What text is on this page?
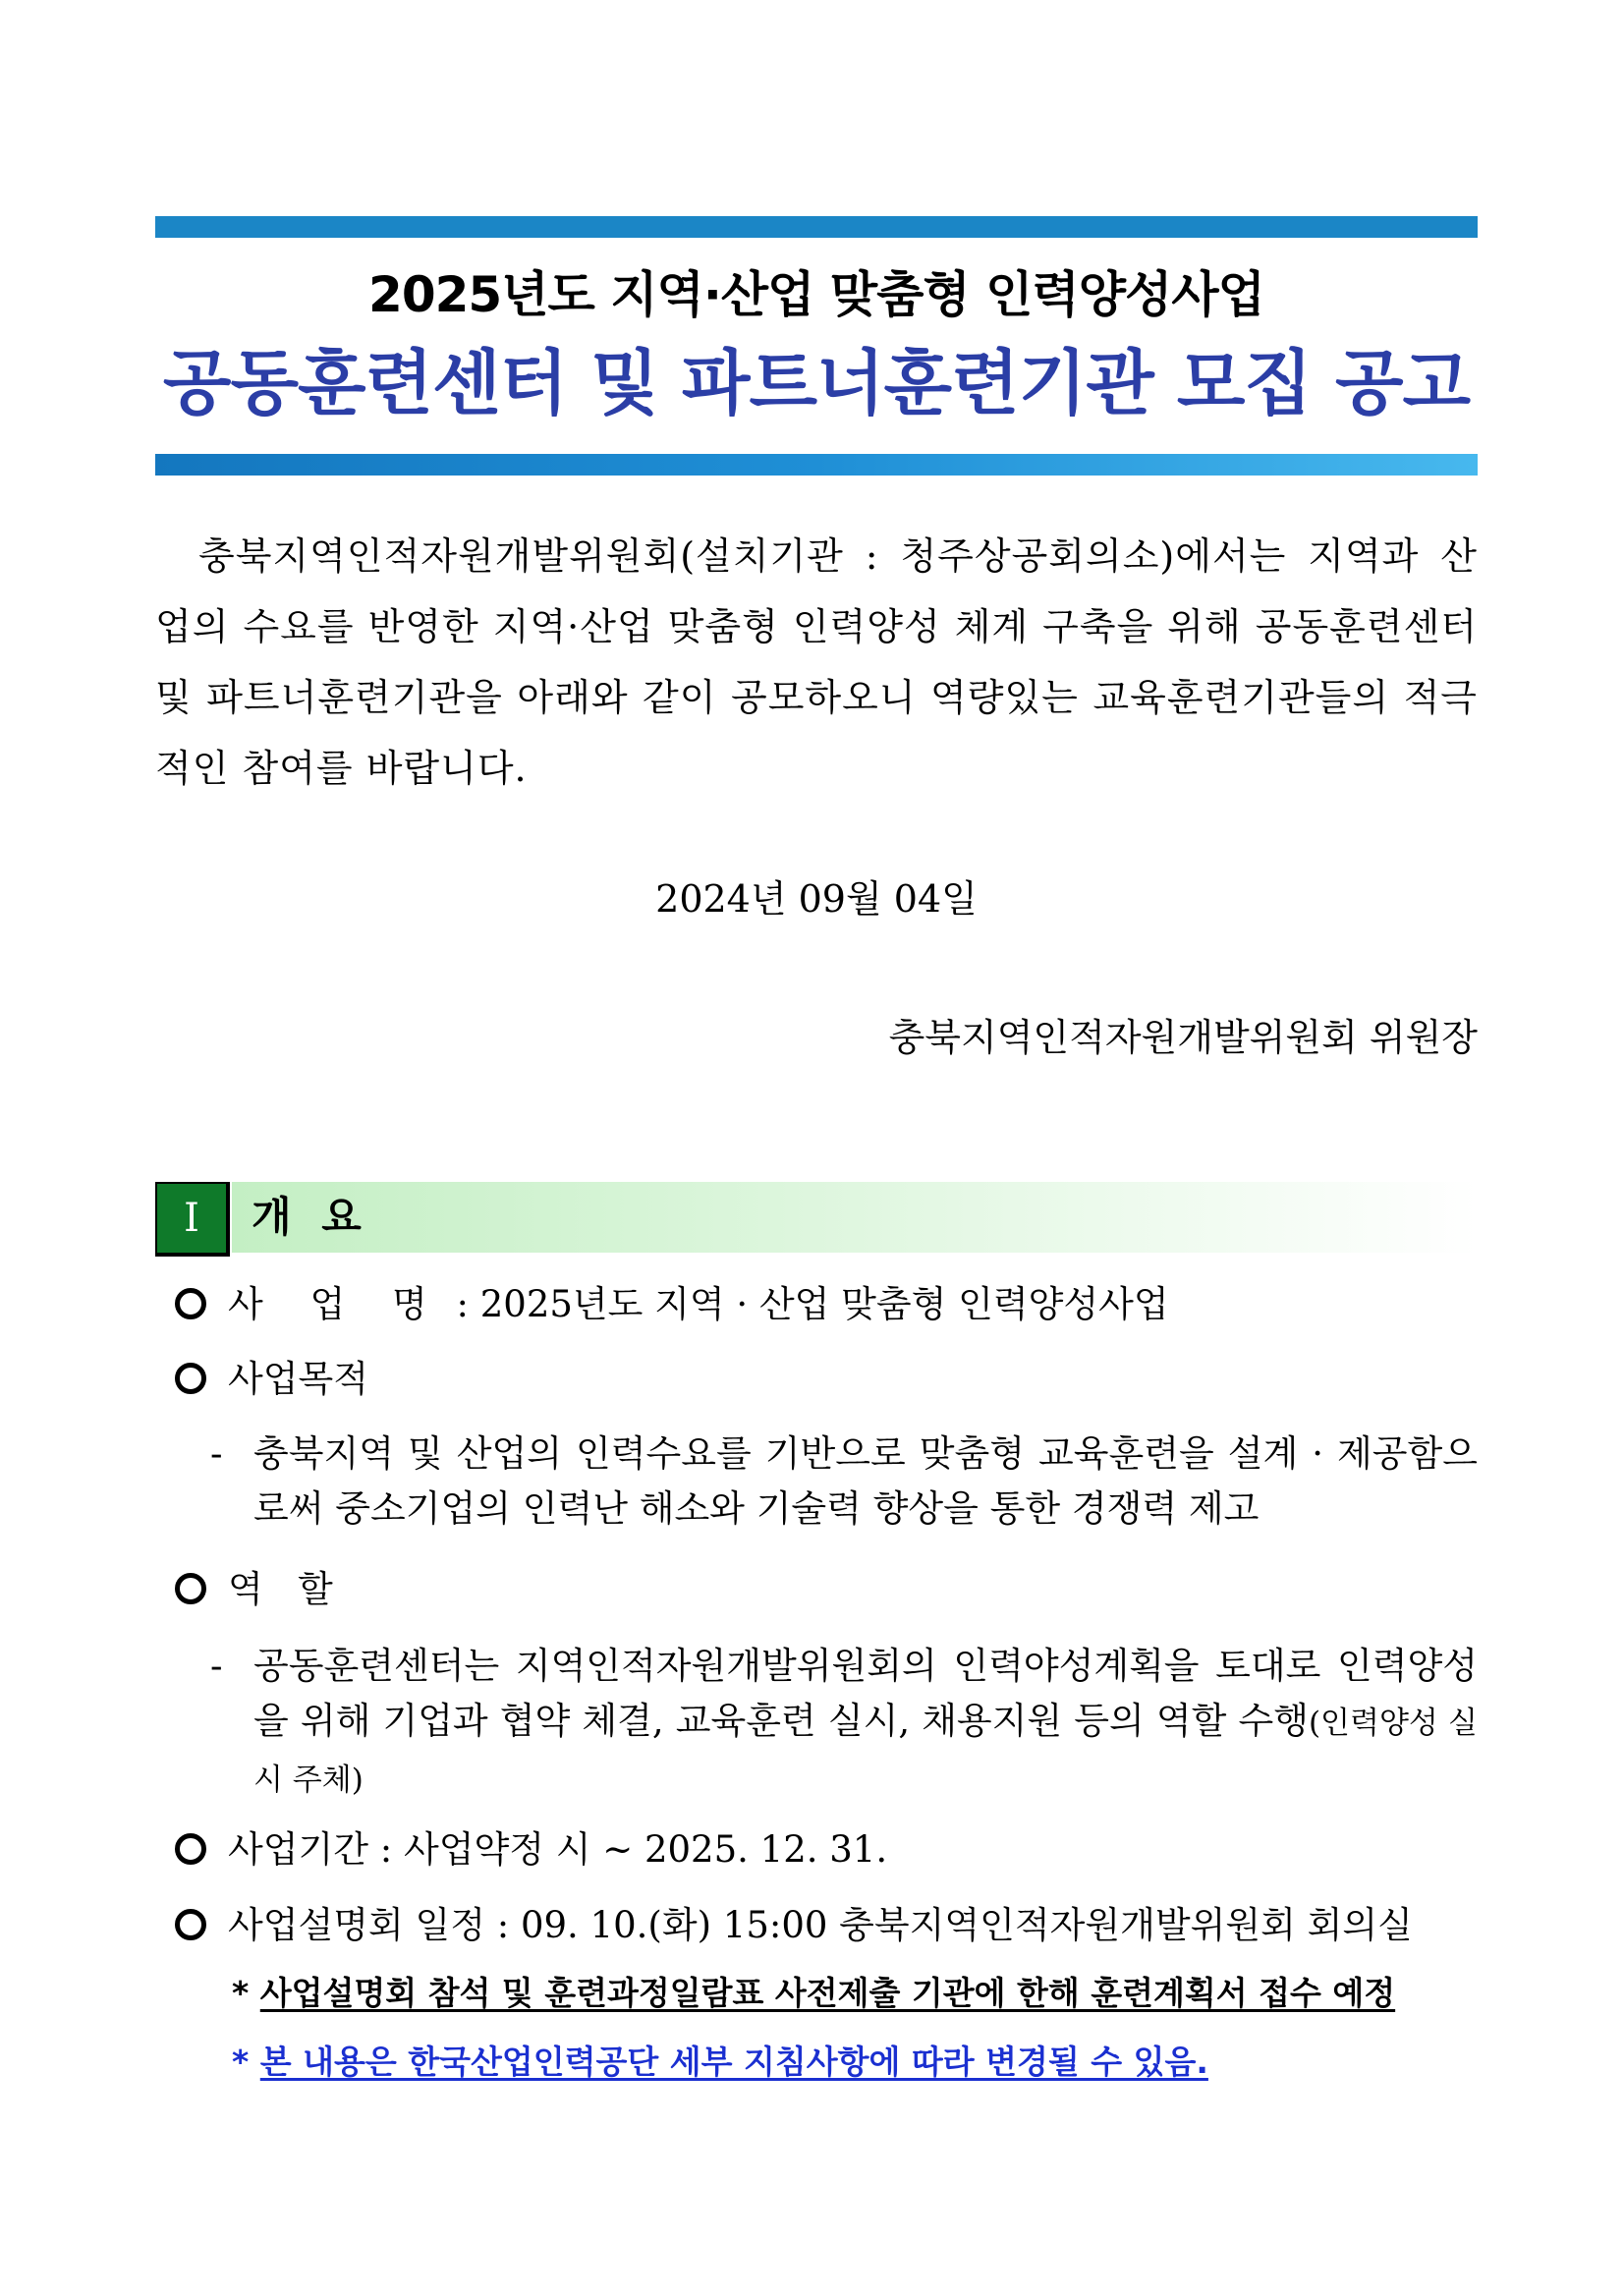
2025년도 지역·산업 맞춤형 인력양성사업
공동훈련센터 및 파트너훈련기관 모집 공고
충북지역인적자원개발위원회(설치기관 : 청주상공회의소)에서는 지역과 산업의 수요를 반영한 지역·산업 맞춤형 인력양성 체계 구축을 위해 공동훈련센터 및 파트너훈련기관을 아래와 같이 공모하오니 역량있는 교육훈련기관들의 적극적인 참여를 바랍니다.
2024년 09월 04일
충북지역인적자원개발위원회 위원장
I	개 요
사 업 명 : 2025년도 지역 · 산업 맞춤형 인력양성사업
사업목적
- 충북지역 및 산업의 인력수요를 기반으로 맞춤형 교육훈련을 설계 · 제공함으로써 중소기업의 인력난 해소와 기술력 향상을 통한 경쟁력 제고
역   할
- 공동훈련센터는 지역인적자원개발위원회의 인력야성계획을 토대로 인력양성을 위해 기업과 협약 체결, 교육훈련 실시, 채용지원 등의 역할 수행(인력양성 실시 주체)
사업기간 : 사업약정 시 ~ 2025. 12. 31.
사업설명회 일정 : 09. 10.(화) 15:00 충북지역인적자원개발위원회 회의실
* 사업설명회 참석 및 훈련과정일람표 사전제출 기관에 한해 훈련계획서 접수 예정
* 본 내용은 한국산업인력공단 세부 지침사항에 따라 변경될 수 있음.
